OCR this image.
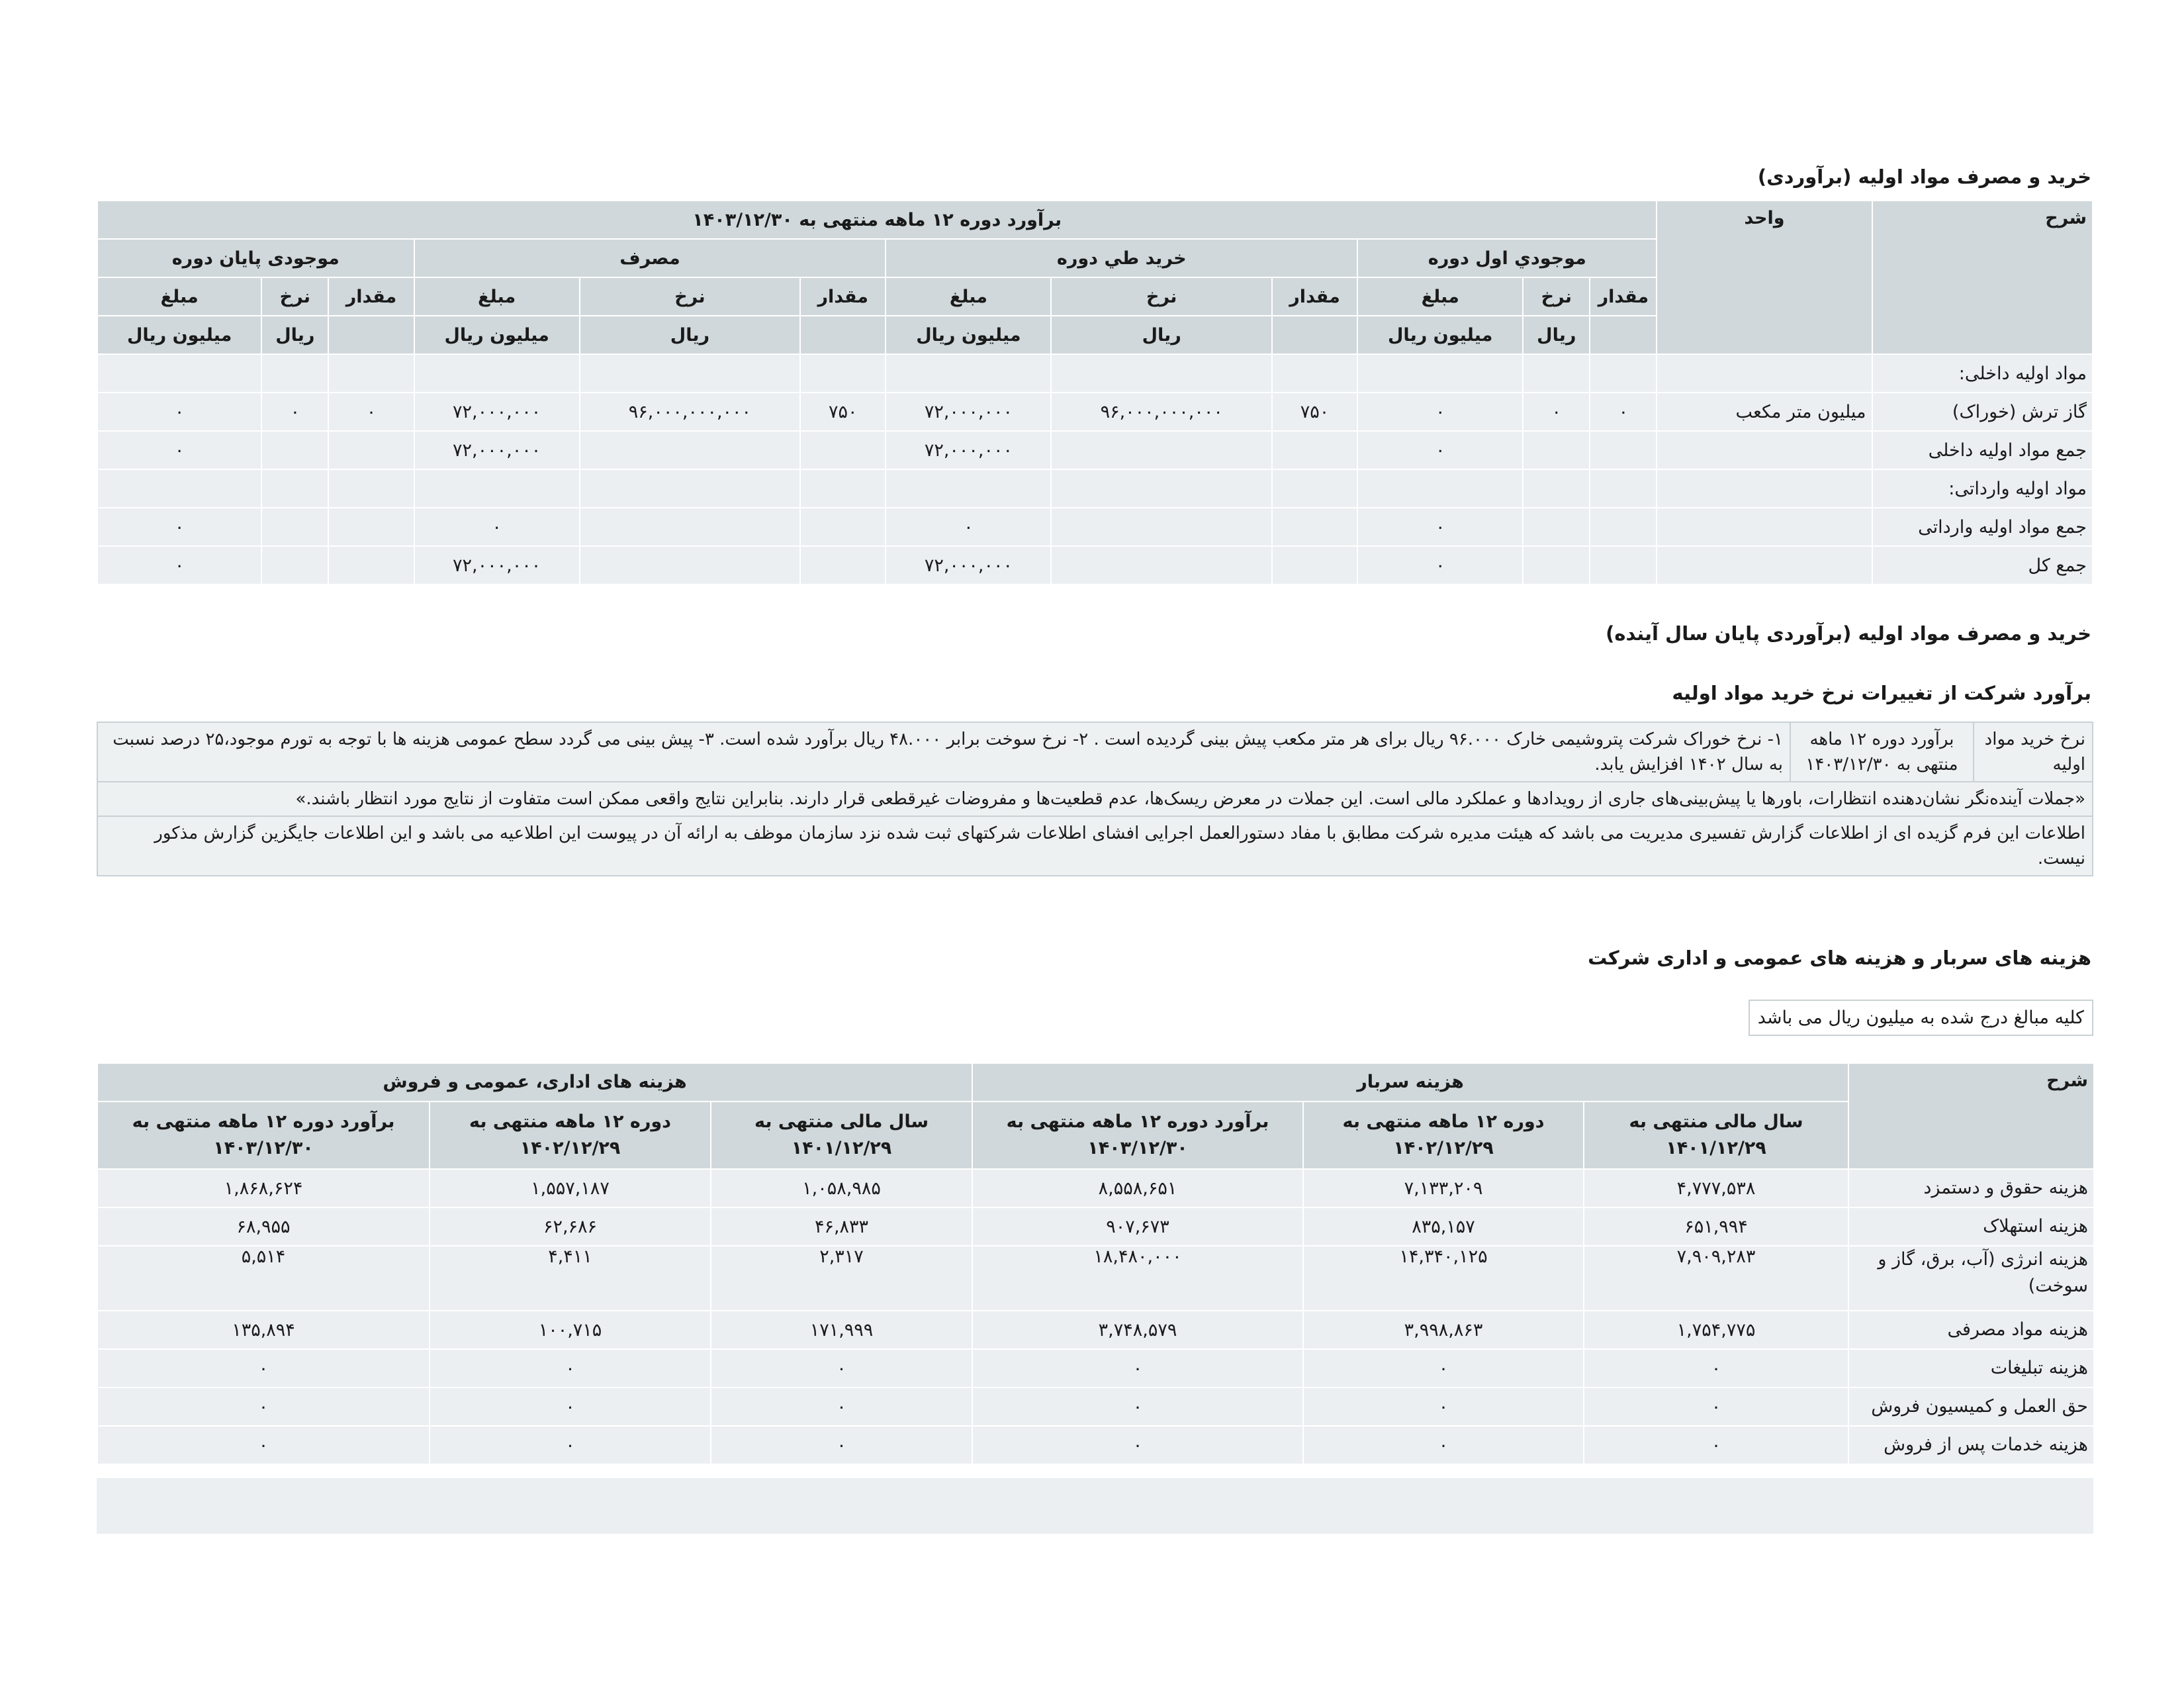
خرید و مصرف مواد اولیه (برآوردی)
شرح	واحد	برآورد دوره ۱۲ ماهه منتهی به ۱۴۰۳/۱۲/۳۰											
		موجودي اول دوره			خريد طي دوره			مصرف			موجودی پایان دوره		
		مقدار	نرخ	مبلغ	مقدار	نرخ	مبلغ	مقدار	نرخ	مبلغ	مقدار	نرخ	مبلغ
			ریال	میلیون ریال		ریال	میلیون ریال		ریال	میلیون ریال		ریال	میلیون ریال
مواد اولیه داخلی:													
گاز ترش (خوراک)	میلیون متر مکعب	۰	۰	۰	۷۵۰	۹۶,۰۰۰,۰۰۰,۰۰۰	۷۲,۰۰۰,۰۰۰	۷۵۰	۹۶,۰۰۰,۰۰۰,۰۰۰	۷۲,۰۰۰,۰۰۰	۰	۰	۰
جمع مواد اولیه داخلی				۰			۷۲,۰۰۰,۰۰۰			۷۲,۰۰۰,۰۰۰			۰
مواد اولیه وارداتی:													
جمع مواد اولیه وارداتی				۰			۰			۰			۰
جمع کل				۰			۷۲,۰۰۰,۰۰۰			۷۲,۰۰۰,۰۰۰			۰
خرید و مصرف مواد اولیه (برآوردی پایان سال آینده)
برآورد شرکت از تغییرات نرخ خرید مواد اولیه
نرخ خرید مواد اولیه
برآورد دوره ۱۲ ماهه منتهی به ۱۴۰۳/۱۲/۳۰
۱- نرخ خوراک شرکت پتروشیمی خارک ۹۶.۰۰۰ ریال برای هر متر مکعب پیش بینی گردیده است . ۲- نرخ سوخت برابر ۴۸.۰۰۰ ریال برآورد شده است. ۳- پیش بینی می گردد سطح عمومی هزینه ها با توجه به تورم موجود،۲۵ درصد نسبت به سال ۱۴۰۲ افزایش یابد.
«جملات آینده‌نگر نشان‌دهنده انتظارات، باورها یا پیش‌بینی‌های جاری از رویدادها و عملکرد مالی است. این جملات در معرض ریسک‌ها، عدم قطعیت‌ها و مفروضات غیرقطعی قرار دارند. بنابراین نتایج واقعی ممکن است متفاوت از نتایج مورد انتظار باشند.»
اطلاعات این فرم گزیده ای از اطلاعات گزارش تفسیری مدیریت می باشد که هیئت مدیره شرکت مطابق با مفاد دستورالعمل اجرایی افشای اطلاعات شرکتهای ثبت شده نزد سازمان موظف به ارائه آن در پیوست این اطلاعیه می باشد و این اطلاعات جایگزین گزارش مذکور نیست.
هزینه های سربار و هزینه های عمومی و اداری شرکت
کلیه مبالغ درج شده به میلیون ریال می باشد
شرح	هزینه سربار			هزینه های اداری، عمومی و فروش		
	سال مالی منتهی به ۱۴۰۱/۱۲/۲۹	دوره ۱۲ ماهه منتهی به ۱۴۰۲/۱۲/۲۹	برآورد دوره ۱۲ ماهه منتهی به ۱۴۰۳/۱۲/۳۰	سال مالی منتهی به ۱۴۰۱/۱۲/۲۹	دوره ۱۲ ماهه منتهی به ۱۴۰۲/۱۲/۲۹	برآورد دوره ۱۲ ماهه منتهی به ۱۴۰۳/۱۲/۳۰
هزینه حقوق و دستمزد	۴,۷۷۷,۵۳۸	۷,۱۳۳,۲۰۹	۸,۵۵۸,۶۵۱	۱,۰۵۸,۹۸۵	۱,۵۵۷,۱۸۷	۱,۸۶۸,۶۲۴
هزینه استهلاک	۶۵۱,۹۹۴	۸۳۵,۱۵۷	۹۰۷,۶۷۳	۴۶,۸۳۳	۶۲,۶۸۶	۶۸,۹۵۵
هزینه انرژی (آب، برق، گاز و سوخت)	۷,۹۰۹,۲۸۳	۱۴,۳۴۰,۱۲۵	۱۸,۴۸۰,۰۰۰	۲,۳۱۷	۴,۴۱۱	۵,۵۱۴
هزینه مواد مصرفی	۱,۷۵۴,۷۷۵	۳,۹۹۸,۸۶۳	۳,۷۴۸,۵۷۹	۱۷۱,۹۹۹	۱۰۰,۷۱۵	۱۳۵,۸۹۴
هزینه تبلیغات	۰	۰	۰	۰	۰	۰
حق العمل و کمیسیون فروش	۰	۰	۰	۰	۰	۰
هزینه خدمات پس از فروش	۰	۰	۰	۰	۰	۰
